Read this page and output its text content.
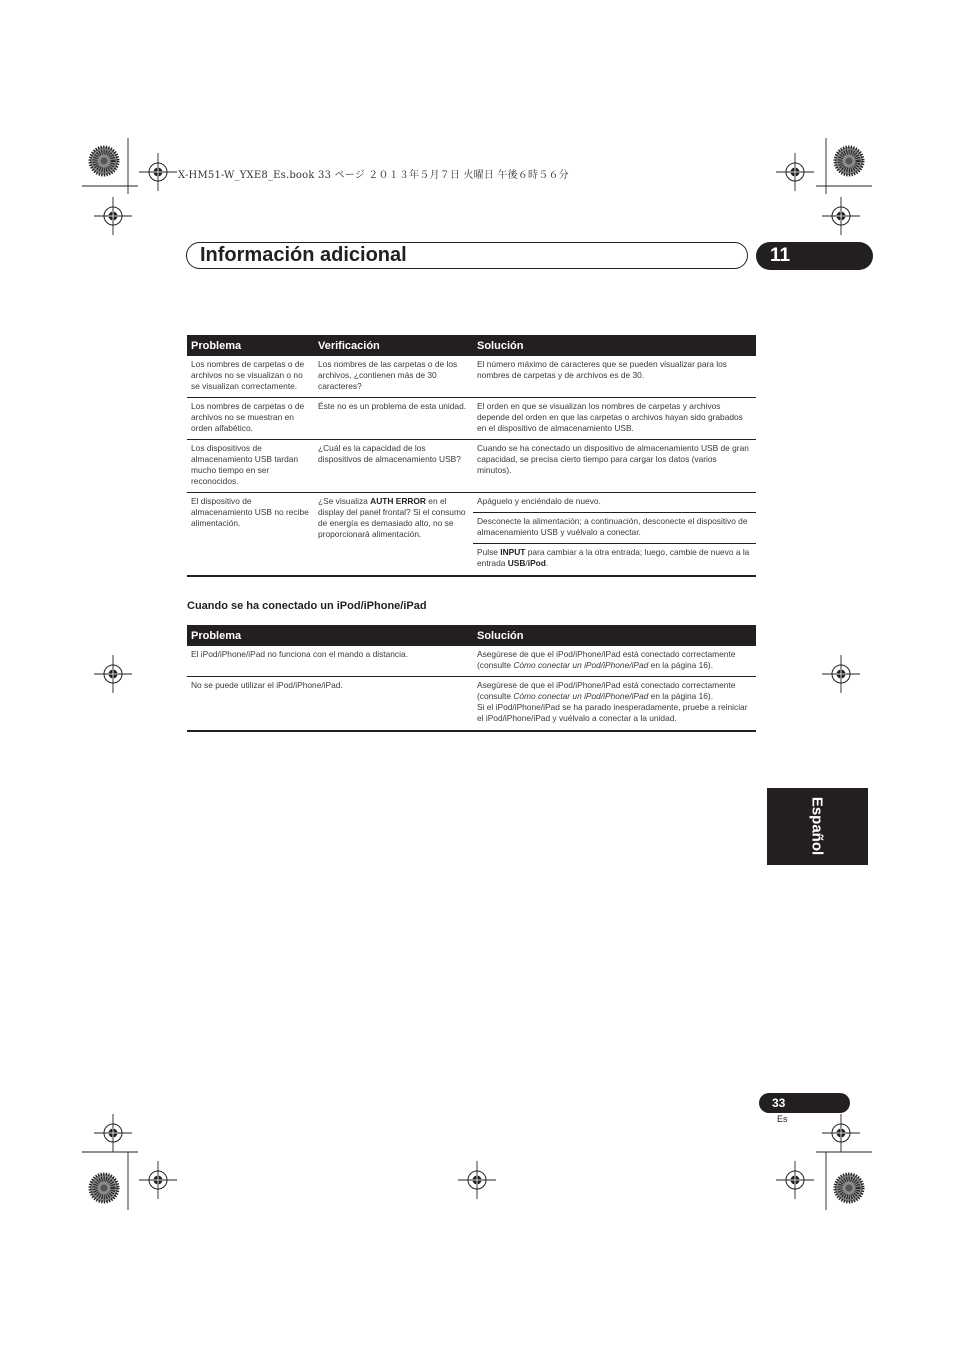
X-HM51-W_YXE8_Es.book 33 ページ ２０１３年５月７日 火曜日 午後６時５６分
Información adicional	11
Problema	Verificación	Solución
Los nombres de carpetas o de archivos no se visualizan o no se visualizan correctamente.	Los nombres de las carpetas o de los archivos, ¿contienen más de 30 caracteres?	El número máximo de caracteres que se pueden visualizar para los nombres de carpetas y de archivos es de 30.
Los nombres de carpetas o de archivos no se muestran en orden alfabético.	Éste no es un problema de esta unidad.	El orden en que se visualizan los nombres de carpetas y archivos depende del orden en que las carpetas o archivos hayan sido grabados en el dispositivo de almacenamiento USB.
Los dispositivos de almacenamiento USB tardan mucho tiempo en ser reconocidos.	¿Cuál es la capacidad de los dispositivos de almacenamiento USB?	Cuando se ha conectado un dispositivo de almacenamiento USB de gran capacidad, se precisa cierto tiempo para cargar los datos (varios minutos).
El dispositivo de almacenamiento USB no recibe alimentación.	¿Se visualiza AUTH ERROR en el display del panel frontal? Si el consumo de energía es demasiado alto, no se proporcionará alimentación.	Apáguelo y enciéndalo de nuevo.
		Desconecte la alimentación; a continuación, desconecte el dispositivo de almacenamiento USB y vuélvalo a conectar.
		Pulse INPUT para cambiar a la otra entrada; luego, cambie de nuevo a la entrada USB/iPod.
Cuando se ha conectado un iPod/iPhone/iPad
Problema	Solución
El iPod/iPhone/iPad no funciona con el mando a distancia.	Asegúrese de que el iPod/iPhone/iPad está conectado correctamente (consulte Cómo conectar un iPod/iPhone/iPad en la página 16).
No se puede utilizar el iPod/iPhone/iPad.	Asegúrese de que el iPod/iPhone/iPad está conectado correctamente (consulte Cómo conectar un iPod/iPhone/iPad en la página 16).
Si el iPod/iPhone/iPad se ha parado inesperadamente, pruebe a reiniciar el iPod/iPhone/iPad y vuélvalo a conectar a la unidad.
Español
33
Es
